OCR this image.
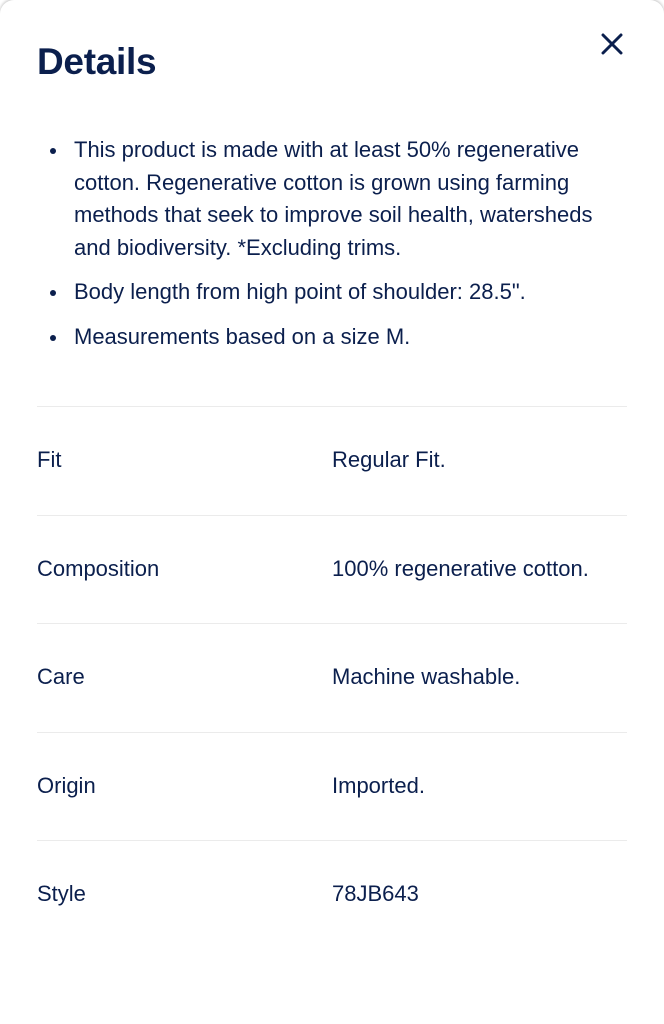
Details
This product is made with at least 50% regenerative cotton. Regenerative cotton is grown using farming methods that seek to improve soil health, watersheds and biodiversity. *Excluding trims.
Body length from high point of shoulder: 28.5".
Measurements based on a size M.
Fit	Regular Fit.
Composition	100% regenerative cotton.
Care	Machine washable.
Origin	Imported.
Style	78JB643
